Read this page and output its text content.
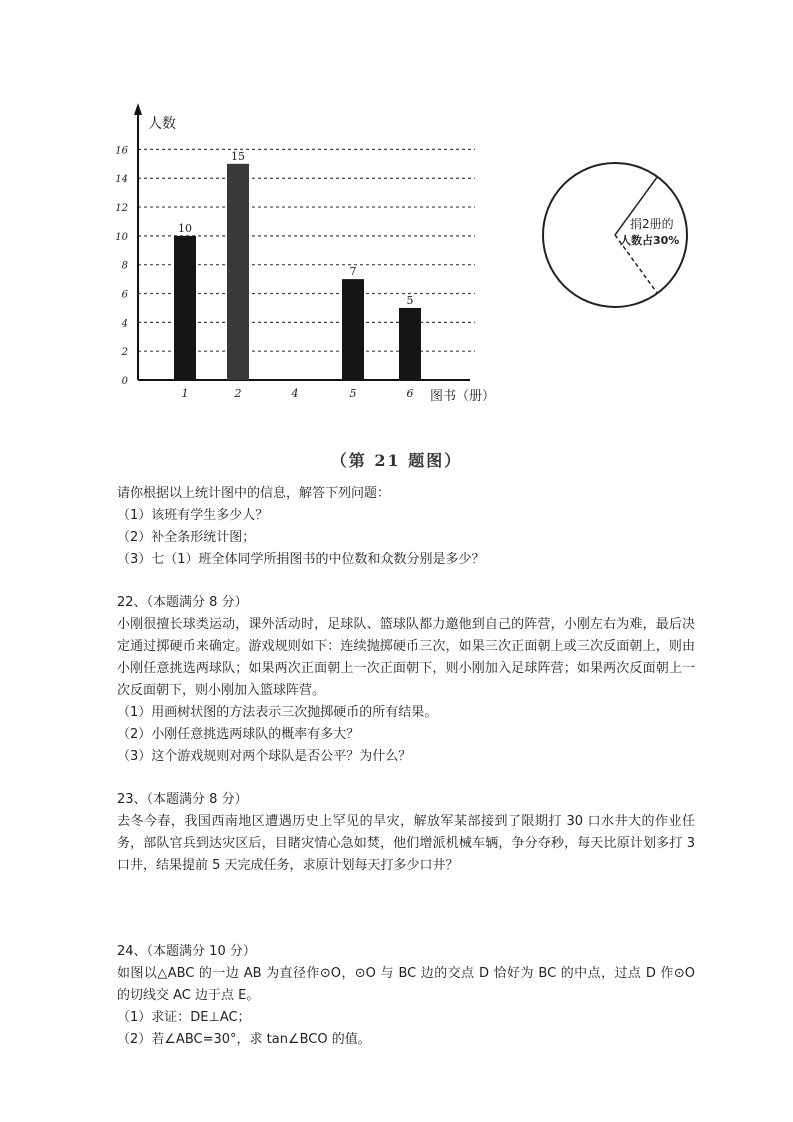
0
2
4
6
8
10
12
14
16
10
1
15
2	4
7
5
5
6
人数
图书（册）
捐2册的
人数占30%
（第 21 题图）
请你根据以上统计图中的信息，解答下列问题：
（1）该班有学生多少人？
（2）补全条形统计图；
（3）七（1）班全体同学所捐图书的中位数和众数分别是多少？
22、（本题满分 8 分）
小刚很擅长球类运动，课外活动时，足球队、篮球队都力邀他到自己的阵营，小刚左右为难，最后决定通过掷硬币来确定。游戏规则如下：连续抛掷硬币三次，如果三次正面朝上或三次反面朝上，则由小刚任意挑选两球队；如果两次正面朝上一次正面朝下，则小刚加入足球阵营；如果两次反面朝上一次反面朝下，则小刚加入篮球阵营。
（1）用画树状图的方法表示三次抛掷硬币的所有结果。
（2）小刚任意挑选两球队的概率有多大？
（3）这个游戏规则对两个球队是否公平？为什么？
23、（本题满分 8 分）
去冬今春，我国西南地区遭遇历史上罕见的旱灾，解放军某部接到了限期打 30 口水井大的作业任务，部队官兵到达灾区后，目睹灾情心急如焚，他们增派机械车辆，争分夺秒，每天比原计划多打 3 口井，结果提前 5 天完成任务，求原计划每天打多少口井？
24、（本题满分 10 分）
如图以△ABC 的一边 AB 为直径作⊙O，⊙O 与 BC 边的交点 D 恰好为 BC 的中点，过点 D 作⊙O 的切线交 AC 边于点 E。
（1）求证：DE⊥AC；
（2）若∠ABC=30°，求 tan∠BCO 的值。
